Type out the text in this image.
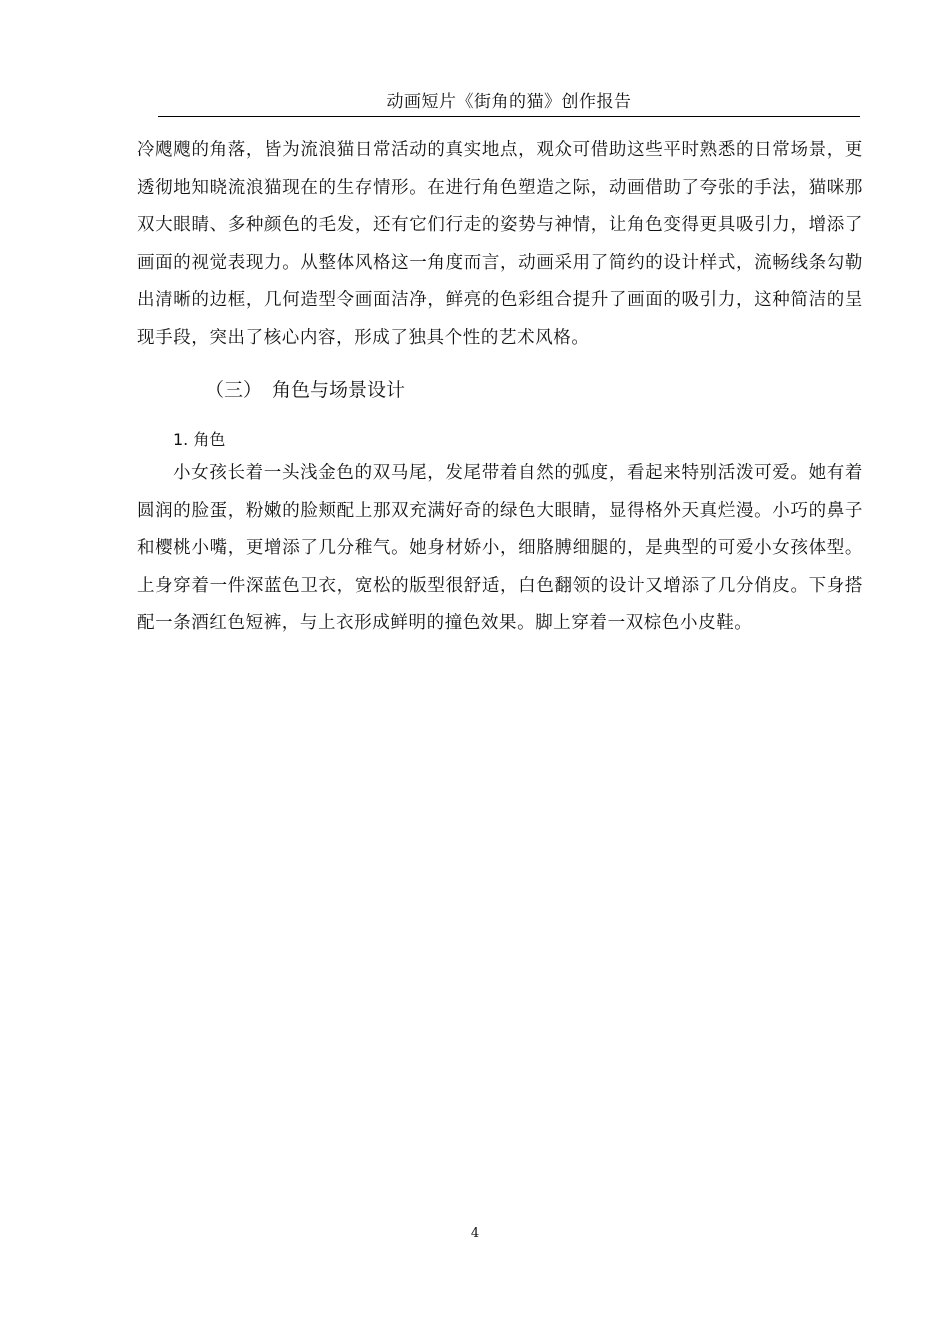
动画短片《街角的猫》创作报告

冷飕飕的角落，皆为流浪猫日常活动的真实地点，观众可借助这些平时熟悉的日常场景，更透彻地知晓流浪猫现在的生存情形。在进行角色塑造之际，动画借助了夸张的手法，猫咪那双大眼睛、多种颜色的毛发，还有它们行走的姿势与神情，让角色变得更具吸引力，增添了画面的视觉表现力。从整体风格这一角度而言，动画采用了简约的设计样式，流畅线条勾勒出清晰的边框，几何造型令画面洁净，鲜亮的色彩组合提升了画面的吸引力，这种简洁的呈现手段，突出了核心内容，形成了独具个性的艺术风格。

（三） 角色与场景设计
1. 角色

小女孩长着一头浅金色的双马尾，发尾带着自然的弧度，看起来特别活泼可爱。她有着圆润的脸蛋，粉嫩的脸颊配上那双充满好奇的绿色大眼睛，显得格外天真烂漫。小巧的鼻子和樱桃小嘴，更增添了几分稚气。她身材娇小，细胳膊细腿的，是典型的可爱小女孩体型。上身穿着一件深蓝色卫衣，宽松的版型很舒适，白色翻领的设计又增添了几分俏皮。下身搭配一条酒红色短裤，与上衣形成鲜明的撞色效果。脚上穿着一双棕色小皮鞋。

4
